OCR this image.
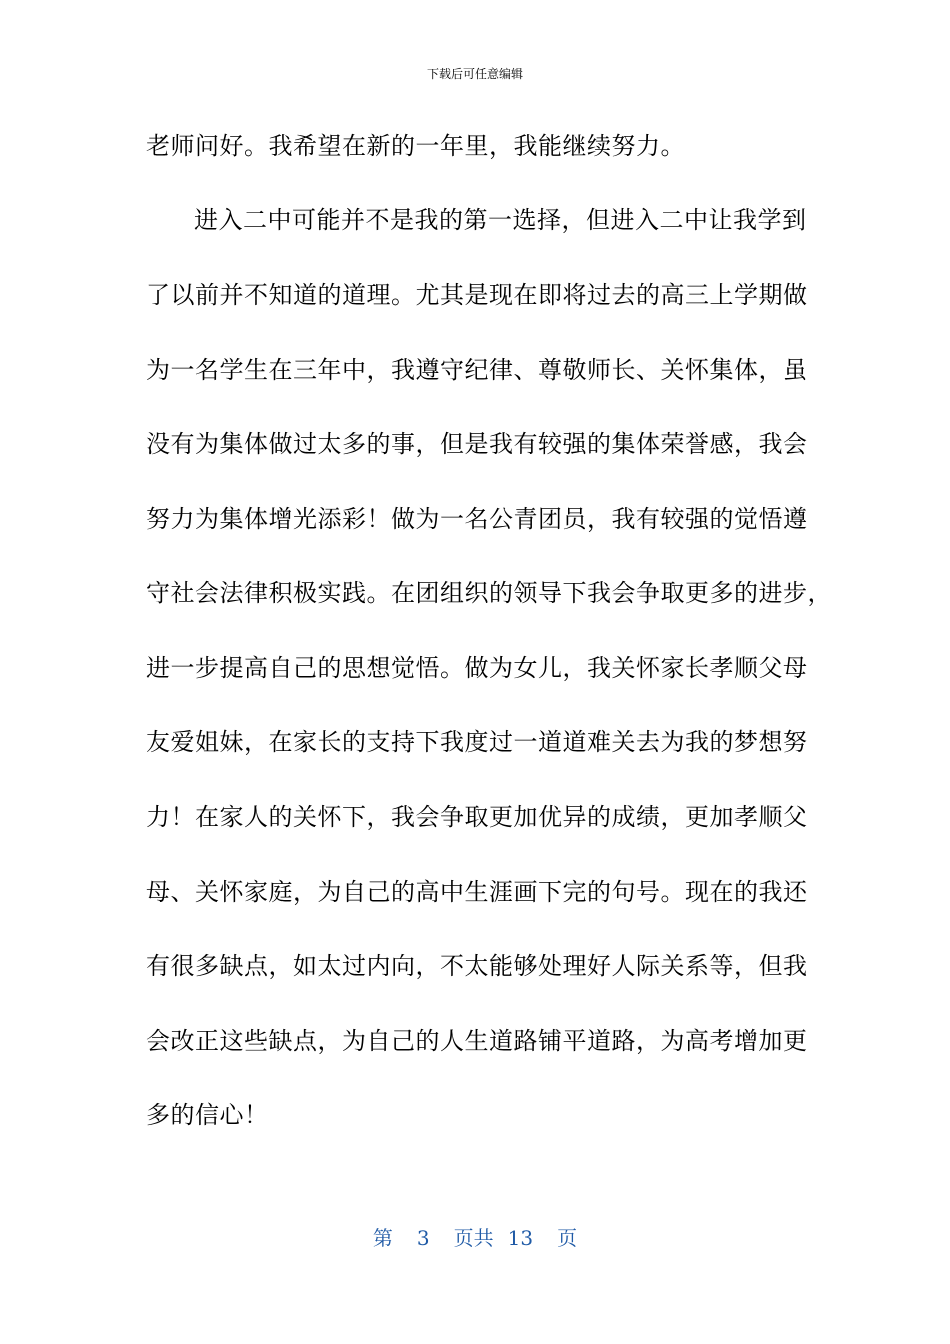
下载后可任意编辑
老师问好。我希望在新的一年里，我能继续努力。
进入二中可能并不是我的第一选择，但进入二中让我学到
了以前并不知道的道理。尤其是现在即将过去的高三上学期做
为一名学生在三年中，我遵守纪律、尊敬师长、关怀集体，虽
没有为集体做过太多的事，但是我有较强的集体荣誉感，我会
努力为集体增光添彩！做为一名公青团员，我有较强的觉悟遵
守社会法律积极实践。在团组织的领导下我会争取更多的进步，
进一步提高自己的思想觉悟。做为女儿，我关怀家长孝顺父母
友爱姐妹，在家长的支持下我度过一道道难关去为我的梦想努
力！在家人的关怀下，我会争取更加优异的成绩，更加孝顺父
母、关怀家庭，为自己的高中生涯画下完的句号。现在的我还
有很多缺点，如太过内向，不太能够处理好人际关系等，但我
会改正这些缺点，为自己的人生道路铺平道路，为高考增加更
多的信心！
第 3 页共 13 页
